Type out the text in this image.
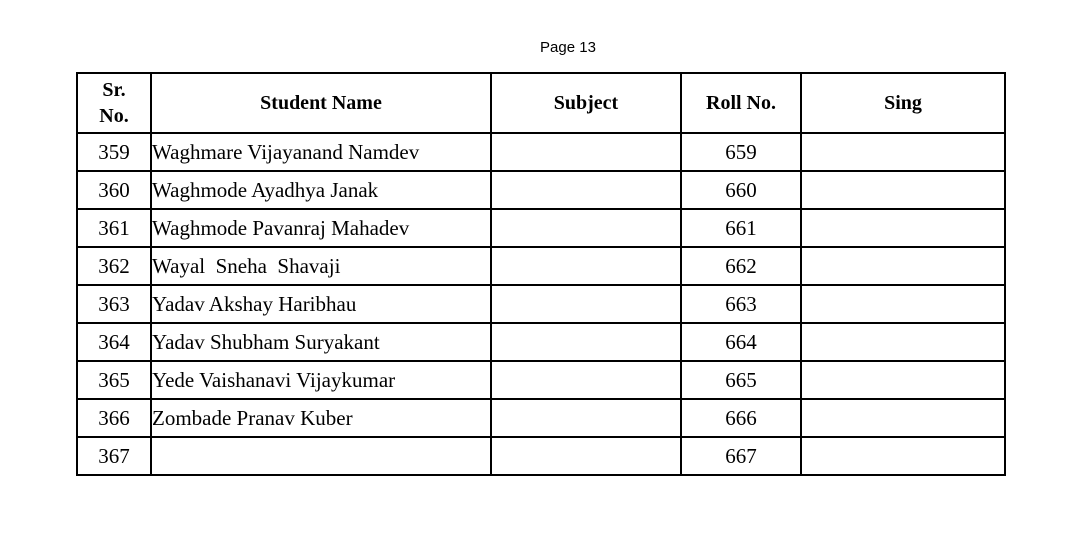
Page 13
Sr.
No.	Student Name	Subject	Roll No.	Sing
359	Waghmare Vijayanand Namdev		659	
360	Waghmode Ayadhya Janak		660	
361	Waghmode Pavanraj Mahadev		661	
362	Wayal  Sneha  Shavaji		662	
363	Yadav Akshay Haribhau		663	
364	Yadav Shubham Suryakant		664	
365	Yede Vaishanavi Vijaykumar		665	
366	Zombade Pranav Kuber		666	
367			667	
